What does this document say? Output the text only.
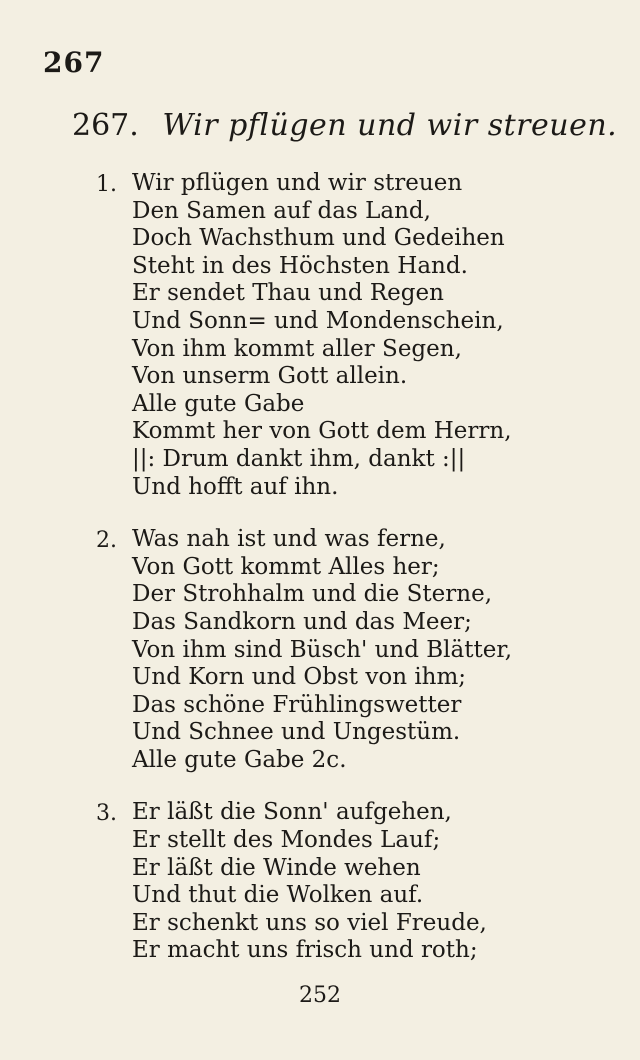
267
267. Wir pflügen und wir streuen.
1. Wir pflügen und wir streuen
Den Samen auf das Land,
Doch Wachsthum und Gedeihen
Steht in des Höchsten Hand.
Er sendet Thau und Regen
Und Sonn= und Mondenschein,
Von ihm kommt aller Segen,
Von unserm Gott allein.
Alle gute Gabe
Kommt her von Gott dem Herrn,
||: Drum dankt ihm, dankt :||
Und hofft auf ihn.
2. Was nah ist und was ferne,
Von Gott kommt Alles her;
Der Strohhalm und die Sterne,
Das Sandkorn und das Meer;
Von ihm sind Büsch' und Blätter,
Und Korn und Obst von ihm;
Das schöne Frühlingswetter
Und Schnee und Ungestüm.
Alle gute Gabe 2c.
3. Er läßt die Sonn' aufgehen,
Er stellt des Mondes Lauf;
Er läßt die Winde wehen
Und thut die Wolken auf.
Er schenkt uns so viel Freude,
Er macht uns frisch und roth;
252
